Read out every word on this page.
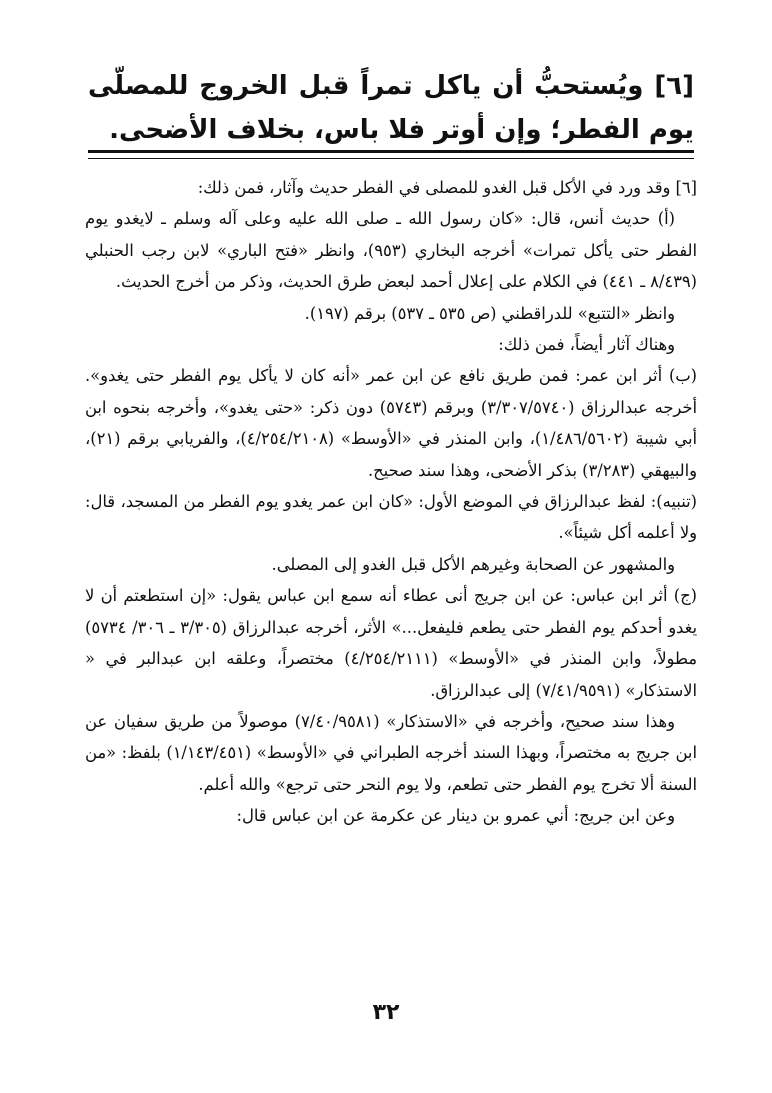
[٦] ويُستحبُّ أن ياكل تمراً قبل الخروج للمصلّى يوم الفطر؛ وإن أوتر فلا باس، بخلاف الأضحى.

[٦] وقد ورد في الأكل قبل الغدو للمصلى في الفطر حديث وآثار، فمن ذلك:

(أ) حديث أنس، قال: «كان رسول الله ـ صلى الله عليه وعلى آله وسلم ـ لايغدو يوم الفطر حتى يأكل تمرات» أخرجه البخاري (٩٥٣)، وانظر «فتح الباري» لابن رجب الحنبلي (٨/٤٣٩ ـ ٤٤١) في الكلام على إعلال أحمد لبعض طرق الحديث، وذكر من أخرج الحديث.

وانظر «التتبع» للدراقطني (ص ٥٣٥ ـ ٥٣٧) برقم (١٩٧).

وهناك آثار أيضاً، فمن ذلك:

(ب) أثر ابن عمر: فمن طريق نافع عن ابن عمر «أنه كان لا يأكل يوم الفطر حتى يغدو». أخرجه عبدالرزاق (٣/٣٠٧/٥٧٤٠) وبرقم (٥٧٤٣) دون ذكر: «حتى يغدو»، وأخرجه بنحوه ابن أبي شيبة (١/٤٨٦/٥٦٠٢)، وابن المنذر في «الأوسط» (٤/٢٥٤/٢١٠٨)، والفريابي برقم (٢١)، والبيهقي (٣/٢٨٣) بذكر الأضحى، وهذا سند صحيح.

(تنبيه): لفظ عبدالرزاق في الموضع الأول: «كان ابن عمر يغدو يوم الفطر من المسجد، قال: ولا أعلمه أكل شيئاً».

والمشهور عن الصحابة وغيرهم الأكل قبل الغدو إلى المصلى.

(ج) أثر ابن عباس: عن ابن جريج أنى عطاء أنه سمع ابن عباس يقول: «إن استطعتم أن لا يغدو أحدكم يوم الفطر حتى يطعم فليفعل...» الأثر، أخرجه عبدالرزاق (٣/٣٠٥ ـ ٣٠٦/ ٥٧٣٤) مطولاً، وابن المنذر في «الأوسط» (٤/٢٥٤/٢١١١) مختصراً، وعلقه ابن عبدالبر في « الاستذكار» (٧/٤١/٩٥٩١) إلى عبدالرزاق.

وهذا سند صحيح، وأخرجه في «الاستذكار» (٧/٤٠/٩٥٨١) موصولاً من طريق سفيان عن ابن جريج به مختصراً، وبهذا السند أخرجه الطبراني في «الأوسط» (١/١٤٣/٤٥١) بلفظ: «من السنة ألا تخرج يوم الفطر حتى تطعم، ولا يوم النحر حتى ترجع» والله أعلم.

وعن ابن جريج: أني عمرو بن دينار عن عكرمة عن ابن عباس قال:

٣٢
